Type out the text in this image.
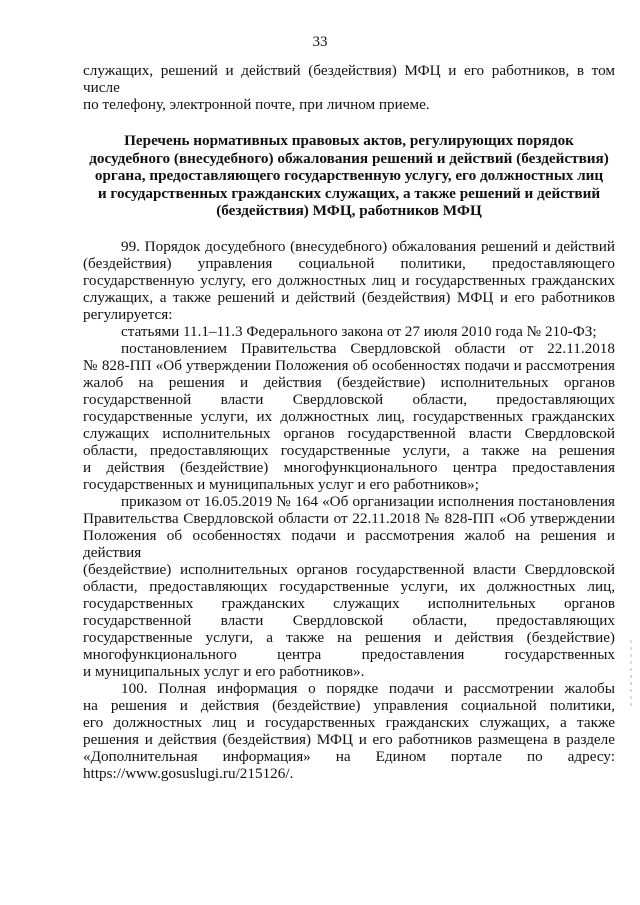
33
служащих, решений и действий (бездействия) МФЦ и его работников, в том числе
по телефону, электронной почте, при личном приеме.
Перечень нормативных правовых актов, регулирующих порядок
досудебного (внесудебного) обжалования решений и действий (бездействия)
органа, предоставляющего государственную услугу, его должностных лиц
и государственных гражданских служащих, а также решений и действий
(бездействия) МФЦ, работников МФЦ
99. Порядок досудебного (внесудебного) обжалования решений и действий
(бездействия) управления социальной политики, предоставляющего
государственную услугу, его должностных лиц и государственных гражданских
служащих, а также решений и действий (бездействия) МФЦ и его работников
регулируется:
статьями 11.1–11.3 Федерального закона от 27 июля 2010 года № 210-ФЗ;
постановлением Правительства Свердловской области от 22.11.2018
№ 828-ПП «Об утверждении Положения об особенностях подачи и рассмотрения
жалоб на решения и действия (бездействие) исполнительных органов
государственной власти Свердловской области, предоставляющих
государственные услуги, их должностных лиц, государственных гражданских
служащих исполнительных органов государственной власти Свердловской
области, предоставляющих государственные услуги, а также на решения
и действия (бездействие) многофункционального центра предоставления
государственных и муниципальных услуг и его работников»;
приказом от 16.05.2019 № 164 «Об организации исполнения постановления
Правительства Свердловской области от 22.11.2018 № 828-ПП «Об утверждении
Положения об особенностях подачи и рассмотрения жалоб на решения и действия
(бездействие) исполнительных органов государственной власти Свердловской
области, предоставляющих государственные услуги, их должностных лиц,
государственных гражданских служащих исполнительных органов
государственной власти Свердловской области, предоставляющих
государственные услуги, а также на решения и действия (бездействие)
многофункционального центра предоставления государственных
и муниципальных услуг и его работников».
100. Полная информация о порядке подачи и рассмотрении жалобы
на решения и действия (бездействие) управления социальной политики,
его должностных лиц и государственных гражданских служащих, а также
решения и действия (бездействия) МФЦ и его работников размещена в разделе
«Дополнительная информация» на Едином портале по адресу:
https://www.gosuslugi.ru/215126/.
